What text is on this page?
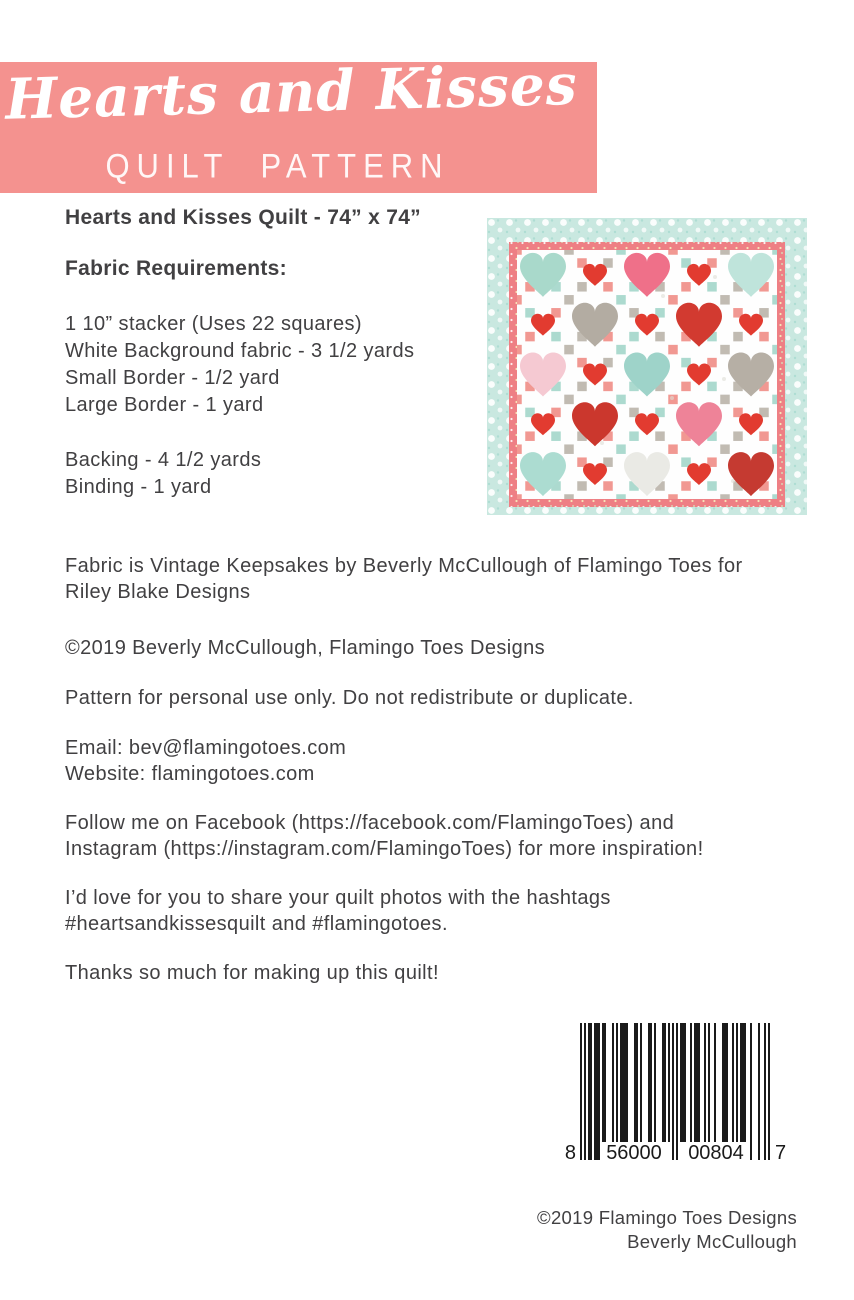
Hearts and Kisses
QUILT PATTERN
Hearts and Kisses Quilt - 74” x 74”
Fabric Requirements:
1 10” stacker (Uses 22 squares)
White Background fabric - 3 1/2 yards
Small Border - 1/2 yard
Large Border - 1 yard
Backing - 4 1/2 yards
Binding - 1 yard
Fabric is Vintage Keepsakes by Beverly McCullough of Flamingo Toes for
Riley Blake Designs
©2019 Beverly McCullough, Flamingo Toes Designs
Pattern for personal use only. Do not redistribute or duplicate.
Email: bev@flamingotoes.com
Website: flamingotoes.com
Follow me on Facebook (https://facebook.com/FlamingoToes) and
Instagram (https://instagram.com/FlamingoToes) for more inspiration!
I’d love for you to share your quilt photos with the hashtags
#heartsandkissesquilt and #flamingotoes.
Thanks so much for making up this quilt!
8 56000 00804 7
©2019 Flamingo Toes Designs
Beverly McCullough
